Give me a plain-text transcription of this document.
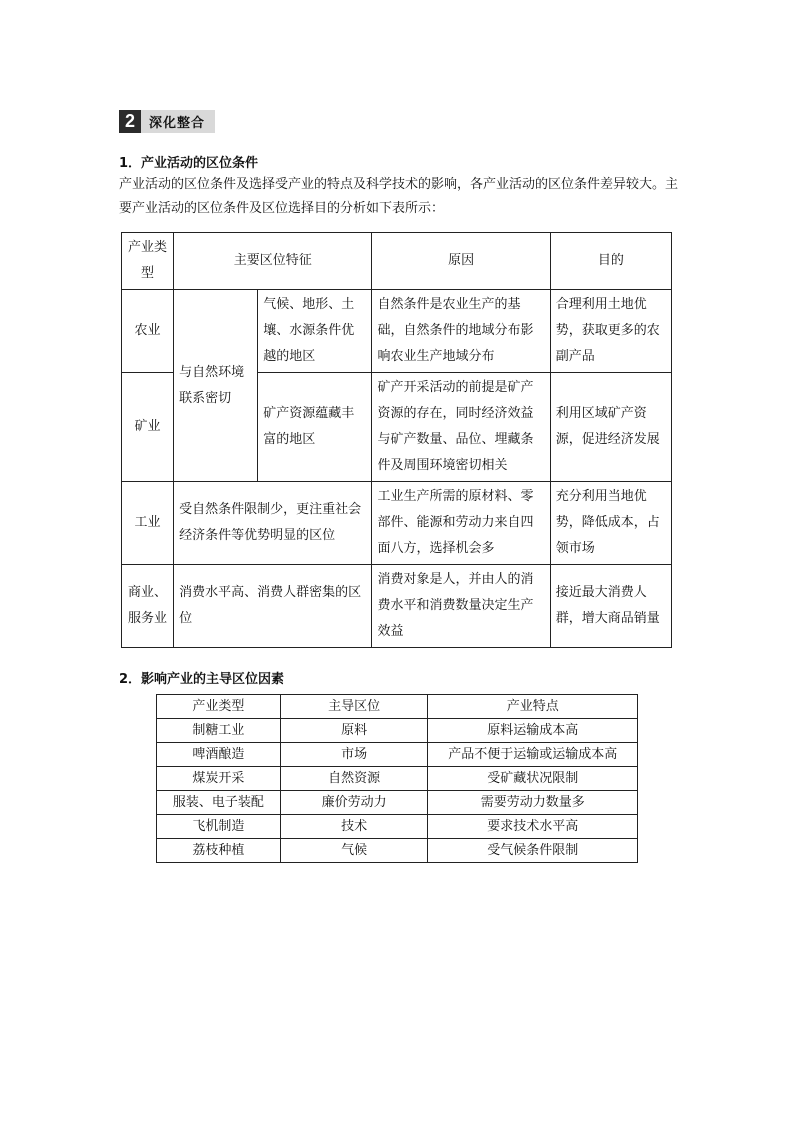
2	深化整合
1．产业活动的区位条件
产业活动的区位条件及选择受产业的特点及科学技术的影响，各产业活动的区位条件差异较大。主要产业活动的区位条件及区位选择目的分析如下表所示：
产业类型	主要区位特征		原因	目的
农业	与自然环境联系密切	气候、地形、土壤、水源条件优越的地区	自然条件是农业生产的基础，自然条件的地域分布影响农业生产地域分布	合理利用土地优势，获取更多的农副产品
矿业		矿产资源蕴藏丰富的地区	矿产开采活动的前提是矿产资源的存在，同时经济效益与矿产数量、品位、埋藏条件及周围环境密切相关	利用区域矿产资源，促进经济发展
工业	受自然条件限制少，更注重社会经济条件等优势明显的区位		工业生产所需的原材料、零部件、能源和劳动力来自四面八方，选择机会多	充分利用当地优势，降低成本，占领市场
商业、服务业	消费水平高、消费人群密集的区位		消费对象是人，并由人的消费水平和消费数量决定生产效益	接近最大消费人群，增大商品销量
2．影响产业的主导区位因素
产业类型	主导区位	产业特点
制糖工业	原料	原料运输成本高
啤酒酿造	市场	产品不便于运输或运输成本高
煤炭开采	自然资源	受矿藏状况限制
服装、电子装配	廉价劳动力	需要劳动力数量多
飞机制造	技术	要求技术水平高
荔枝种植	气候	受气候条件限制
